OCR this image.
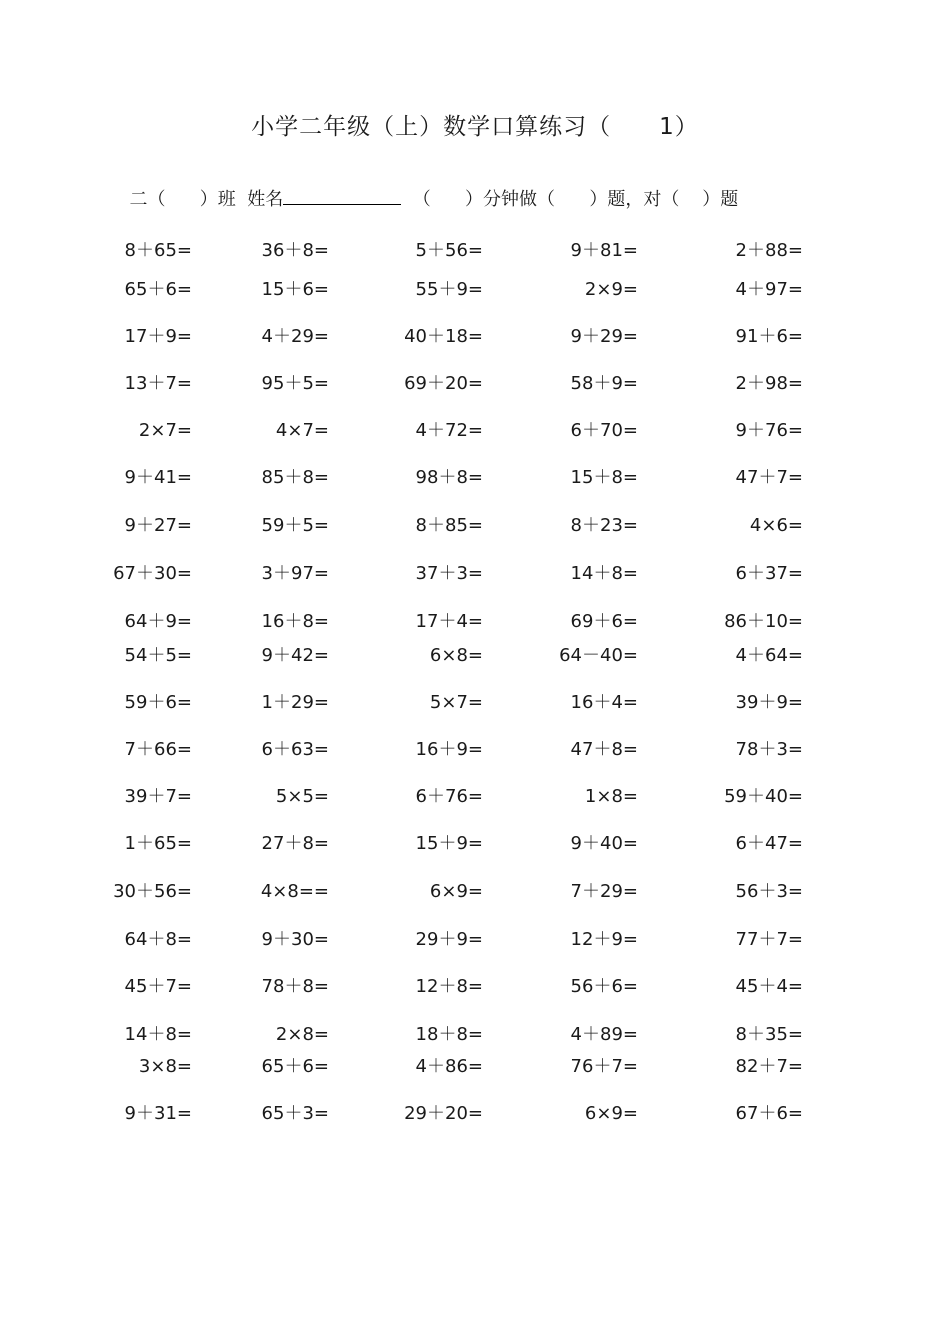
小学二年级（上）数学口算练习（ 1）

二（      ）班  姓名	（      ）分钟做（      ）题，对（    ）题

8＋65=	36＋8=	5＋56=	9＋81=	2＋88=
65＋6=	15＋6=	55＋9=	2×9=	4＋97=
17＋9=	4＋29=	40＋18=	9＋29=	91＋6=
13＋7=	95＋5=	69＋20=	58＋9=	2＋98=
2×7=	4×7=	4＋72=	6＋70=	9＋76=
9＋41=	85＋8=	98＋8=	15＋8=	47＋7=
9＋27=	59＋5=	8＋85=	8＋23=	4×6=
67＋30=	3＋97=	37＋3=	14＋8=	6＋37=
64＋9=	16＋8=	17＋4=	69＋6=	86＋10=
54＋5=	9＋42=	6×8=	64－40=	4＋64=
59＋6=	1＋29=	5×7=	16＋4=	39＋9=
7＋66=	6＋63=	16＋9=	47＋8=	78＋3=
39＋7=	5×5=	6＋76=	1×8=	59＋40=
1＋65=	27＋8=	15＋9=	9＋40=	6＋47=
30＋56=	4×8==	6×9=	7＋29=	56＋3=
64＋8=	9＋30=	29＋9=	12＋9=	77＋7=
45＋7=	78＋8=	12＋8=	56＋6=	45＋4=
14＋8=	2×8=	18＋8=	4＋89=	8＋35=
3×8=	65＋6=	4＋86=	76＋7=	82＋7=
9＋31=	65＋3=	29＋20=	6×9=	67＋6=
